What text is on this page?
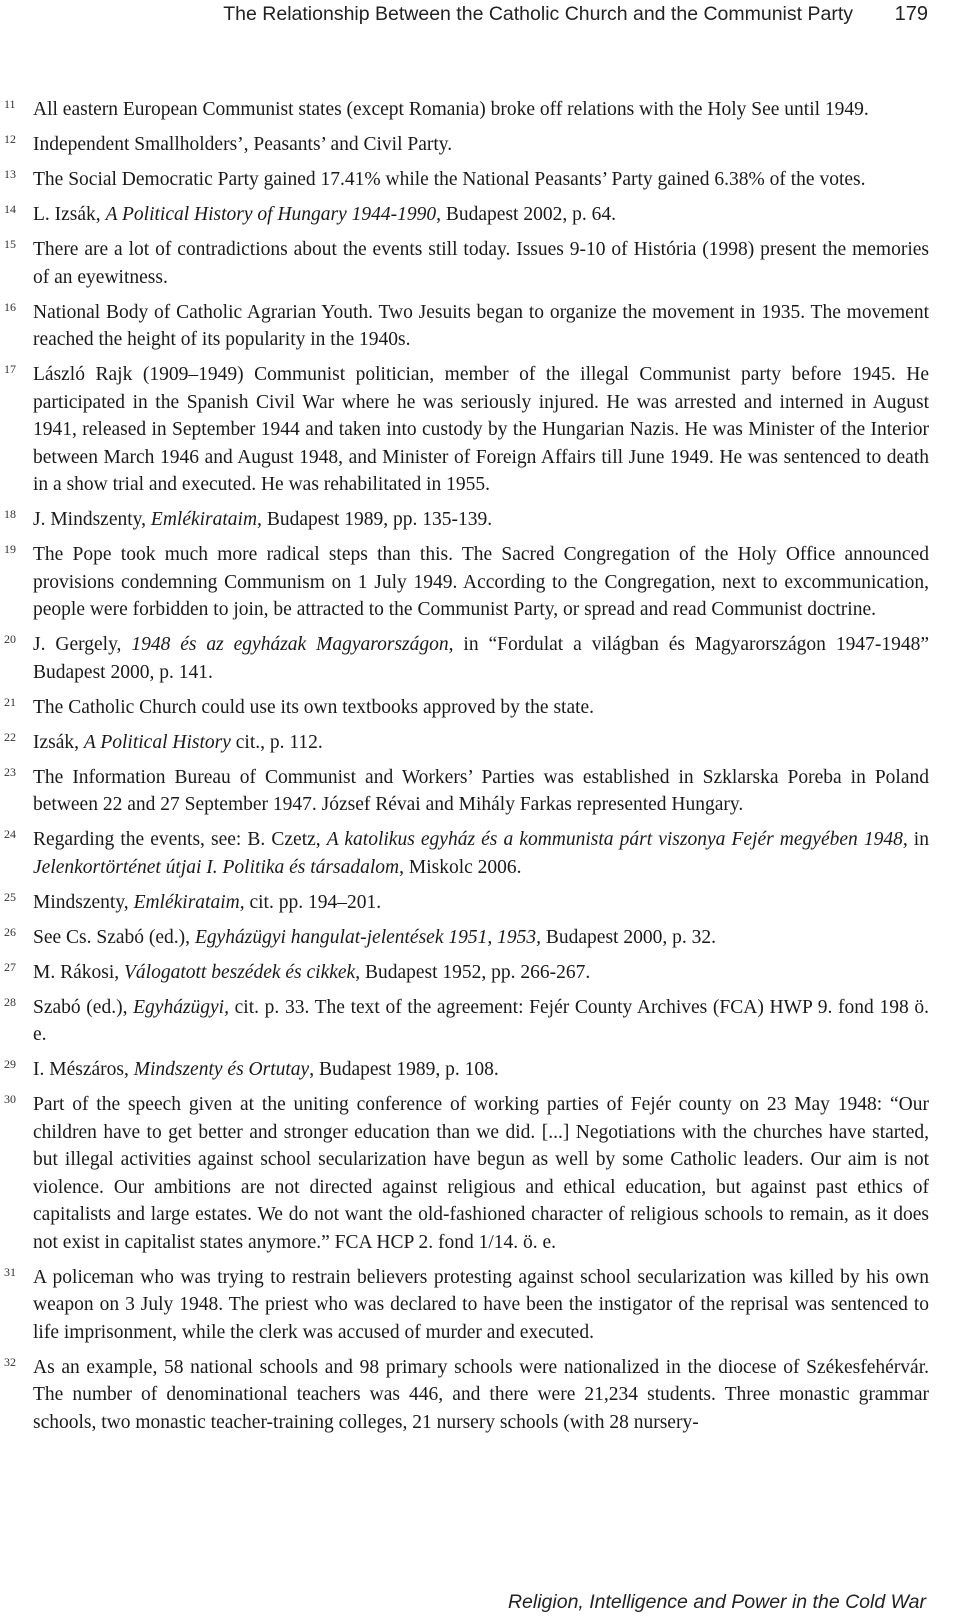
The Relationship Between the Catholic Church and the Communist Party 179
11 All eastern European Communist states (except Romania) broke off relations with the Holy See until 1949.
12 Independent Smallholders’, Peasants’ and Civil Party.
13 The Social Democratic Party gained 17.41% while the National Peasants’ Party gained 6.38% of the votes.
14 L. Izsák, A Political History of Hungary 1944-1990, Budapest 2002, p. 64.
15 There are a lot of contradictions about the events still today. Issues 9-10 of História (1998) present the memories of an eyewitness.
16 National Body of Catholic Agrarian Youth. Two Jesuits began to organize the movement in 1935. The movement reached the height of its popularity in the 1940s.
17 László Rajk (1909–1949) Communist politician, member of the illegal Communist party before 1945. He participated in the Spanish Civil War where he was seriously injured. He was arrested and interned in August 1941, released in September 1944 and taken into custody by the Hungarian Nazis. He was Minister of the Interior between March 1946 and August 1948, and Minister of Foreign Affairs till June 1949. He was sentenced to death in a show trial and executed. He was rehabilitated in 1955.
18 J. Mindszenty, Emlékirataim, Budapest 1989, pp. 135-139.
19 The Pope took much more radical steps than this. The Sacred Congregation of the Holy Office announced provisions condemning Communism on 1 July 1949. According to the Congregation, next to excommunication, people were forbidden to join, be attracted to the Communist Party, or spread and read Communist doctrine.
20 J. Gergely, 1948 és az egyházak Magyarországon, in “Fordulat a világban és Magyarországon 1947-1948” Budapest 2000, p. 141.
21 The Catholic Church could use its own textbooks approved by the state.
22 Izsák, A Political History cit., p. 112.
23 The Information Bureau of Communist and Workers’ Parties was established in Szklarska Poreba in Poland between 22 and 27 September 1947. József Révai and Mihály Farkas represented Hungary.
24 Regarding the events, see: B. Czetz, A katolikus egyház és a kommunista párt viszonya Fejér megyében 1948, in Jelenkortörténet útjai I. Politika és társadalom, Miskolc 2006.
25 Mindszenty, Emlékirataim, cit. pp. 194–201.
26 See Cs. Szabó (ed.), Egyházügyi hangulat-jelentések 1951, 1953, Budapest 2000, p. 32.
27 M. Rákosi, Válogatott beszédek és cikkek, Budapest 1952, pp. 266-267.
28 Szabó (ed.), Egyházügyi, cit. p. 33. The text of the agreement: Fejér County Archives (FCA) HWP 9. fond 198 ö. e.
29 I. Mészáros, Mindszenty és Ortutay, Budapest 1989, p. 108.
30 Part of the speech given at the uniting conference of working parties of Fejér county on 23 May 1948: “Our children have to get better and stronger education than we did. [...] Negotiations with the churches have started, but illegal activities against school secularization have begun as well by some Catholic leaders. Our aim is not violence. Our ambitions are not directed against religious and ethical education, but against past ethics of capitalists and large estates. We do not want the old-fashioned character of religious schools to remain, as it does not exist in capitalist states anymore.” FCA HCP 2. fond 1/14. ö. e.
31 A policeman who was trying to restrain believers protesting against school secularization was killed by his own weapon on 3 July 1948. The priest who was declared to have been the instigator of the reprisal was sentenced to life imprisonment, while the clerk was accused of murder and executed.
32 As an example, 58 national schools and 98 primary schools were nationalized in the diocese of Székesfehérvár. The number of denominational teachers was 446, and there were 21,234 students. Three monastic grammar schools, two monastic teacher-training colleges, 21 nursery schools (with 28 nursery-
Religion, Intelligence and Power in the Cold War
